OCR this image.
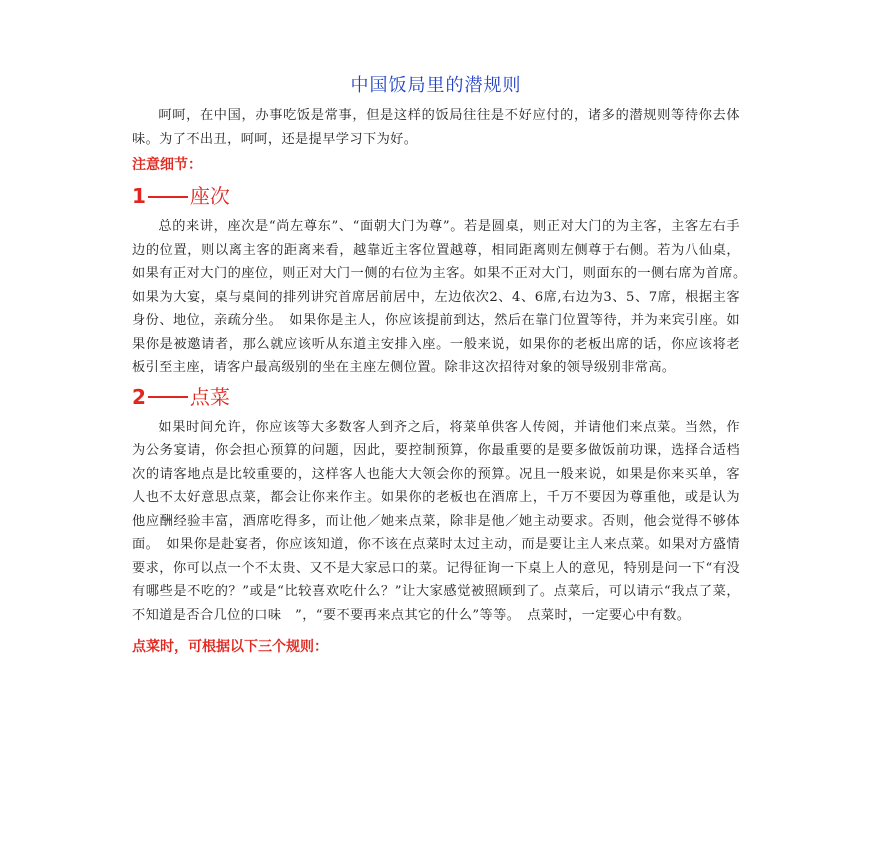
中国饭局里的潜规则

呵呵，在中国，办事吃饭是常事，但是这样的饭局往往是不好应付的，诸多的潜规则等待你去体味。为了不出丑，呵呵，还是提早学习下为好。

注意细节：
1 座次

总的来讲，座次是“尚左尊东”、“面朝大门为尊”。若是圆桌，则正对大门的为主客，主客左右手边的位置，则以离主客的距离来看，越靠近主客位置越尊，相同距离则左侧尊于右侧。若为八仙桌，如果有正对大门的座位，则正对大门一侧的右位为主客。如果不正对大门，则面东的一侧右席为首席。　如果为大宴，桌与桌间的排列讲究首席居前居中，左边依次2、4、6席,右边为3、5、7席，根据主客身份、地位，亲疏分坐。　如果你是主人，你应该提前到达，然后在靠门位置等待，并为来宾引座。如果你是被邀请者，那么就应该听从东道主安排入座。一般来说，如果你的老板出席的话，你应该将老板引至主座，请客户最高级别的坐在主座左侧位置。除非这次招待对象的领导级别非常高。

2 点菜

如果时间允许，你应该等大多数客人到齐之后，将菜单供客人传阅，并请他们来点菜。当然，作为公务宴请，你会担心预算的问题，因此，要控制预算，你最重要的是要多做饭前功课，选择合适档次的请客地点是比较重要的，这样客人也能大大领会你的预算。况且一般来说，如果是你来买单，客人也不太好意思点菜，都会让你来作主。如果你的老板也在酒席上，千万不要因为尊重他，或是认为他应酬经验丰富，酒席吃得多，而让他／她来点菜，除非是他／她主动要求。否则，他会觉得不够体面。　如果你是赴宴者，你应该知道，你不该在点菜时太过主动，而是要让主人来点菜。如果对方盛情要求，你可以点一个不太贵、又不是大家忌口的菜。记得征询一下桌上人的意见，特别是问一下“有没有哪些是不吃的？”或是“比较喜欢吃什么？”让大家感觉被照顾到了。点菜后，可以请示“我点了菜，不知道是否合几位的口味　”，“要不要再来点其它的什么”等等。　点菜时，一定要心中有数。

点菜时，可根据以下三个规则：
